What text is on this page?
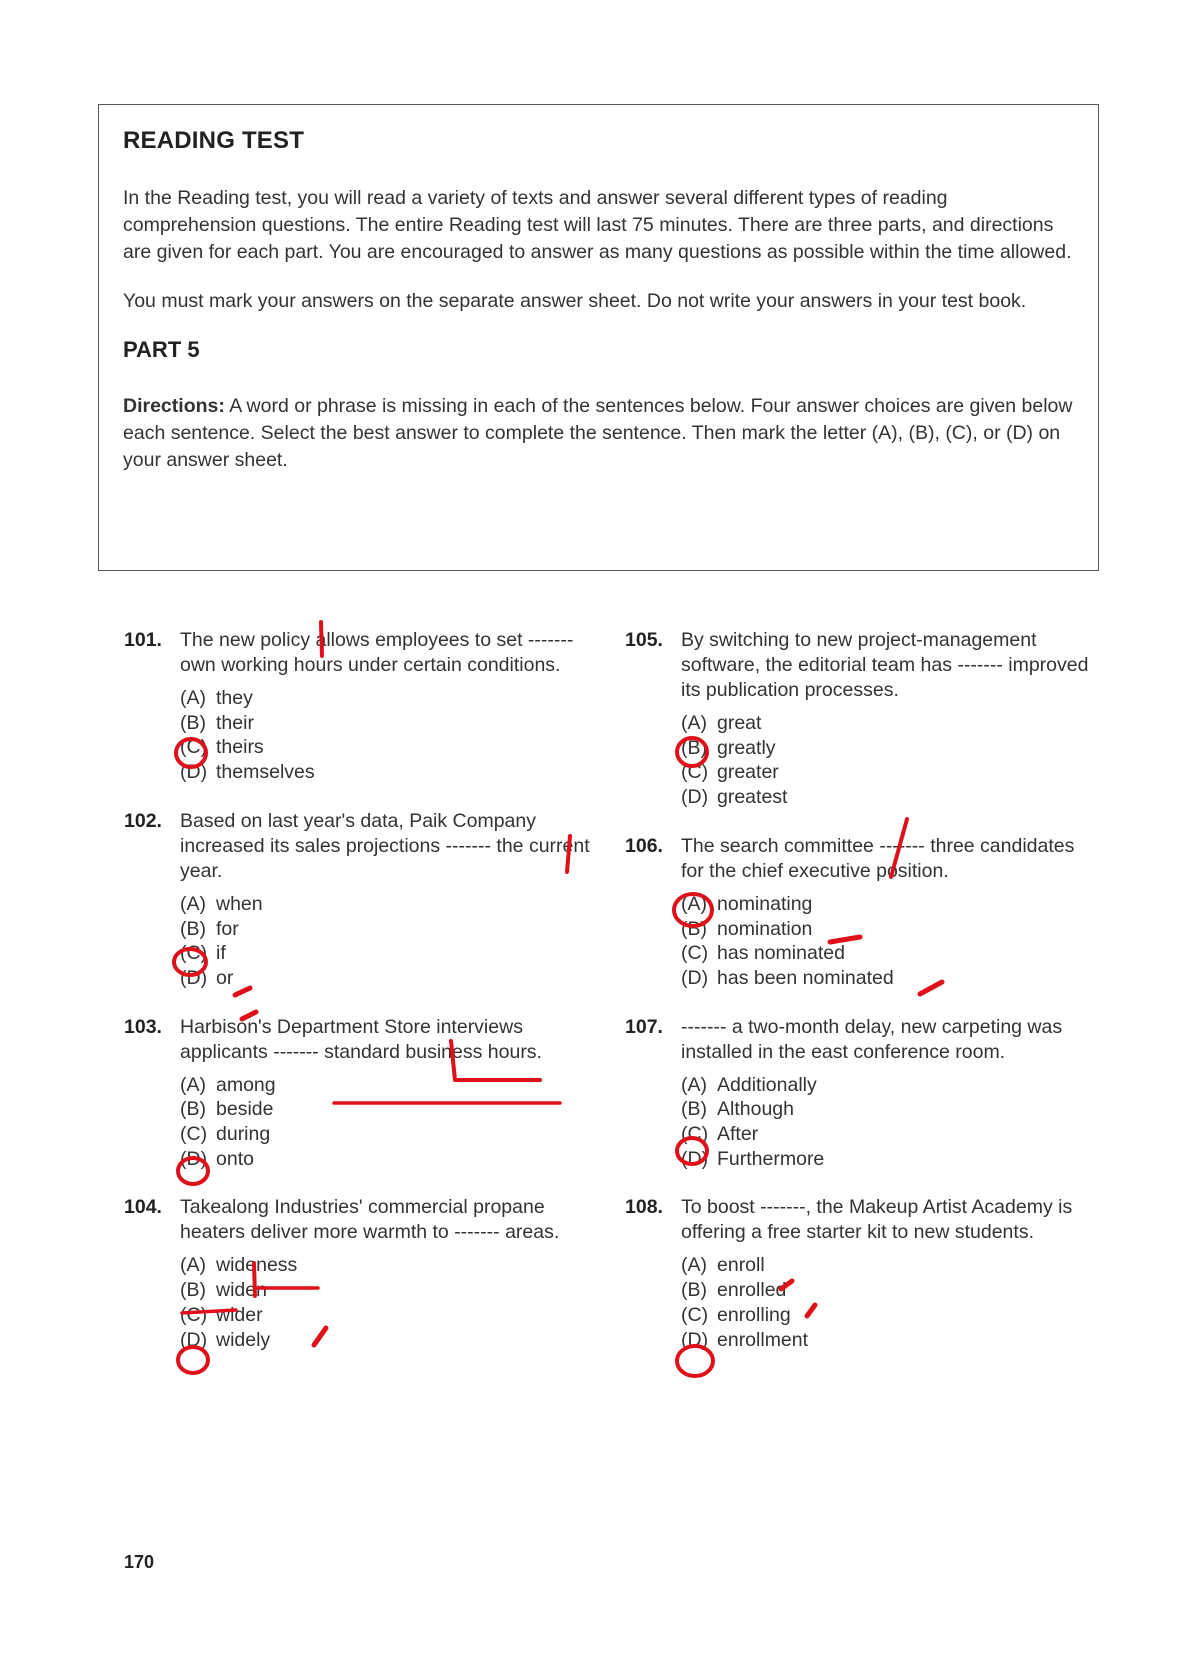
READING TEST

In the Reading test, you will read a variety of texts and answer several different types of reading comprehension questions. The entire Reading test will last 75 minutes. There are three parts, and directions are given for each part. You are encouraged to answer as many questions as possible within the time allowed.

You must mark your answers on the separate answer sheet. Do not write your answers in your test book.

PART 5

Directions: A word or phrase is missing in each of the sentences below. Four answer choices are given below each sentence. Select the best answer to complete the sentence. Then mark the letter (A), (B), (C), or (D) on your answer sheet.

101. The new policy allows employees to set ------- own working hours under certain conditions.
(A) they
(B) their
(C) theirs
(D) themselves
102. Based on last year's data, Paik Company increased its sales projections ------- the current year.
(A) when
(B) for
(C) if
(D) or
103. Harbison's Department Store interviews applicants ------- standard business hours.
(A) among
(B) beside
(C) during
(D) onto
104. Takealong Industries' commercial propane heaters deliver more warmth to ------- areas.
(A) wideness
(B) widen
(C) wider
(D) widely
105. By switching to new project-management software, the editorial team has ------- improved its publication processes.
(A) great
(B) greatly
(C) greater
(D) greatest
106. The search committee ------- three candidates for the chief executive position.
(A) nominating
(B) nomination
(C) has nominated
(D) has been nominated
107. ------- a two-month delay, new carpeting was installed in the east conference room.
(A) Additionally
(B) Although
(C) After
(D) Furthermore
108. To boost -------, the Makeup Artist Academy is offering a free starter kit to new students.
(A) enroll
(B) enrolled
(C) enrolling
(D) enrollment
170
